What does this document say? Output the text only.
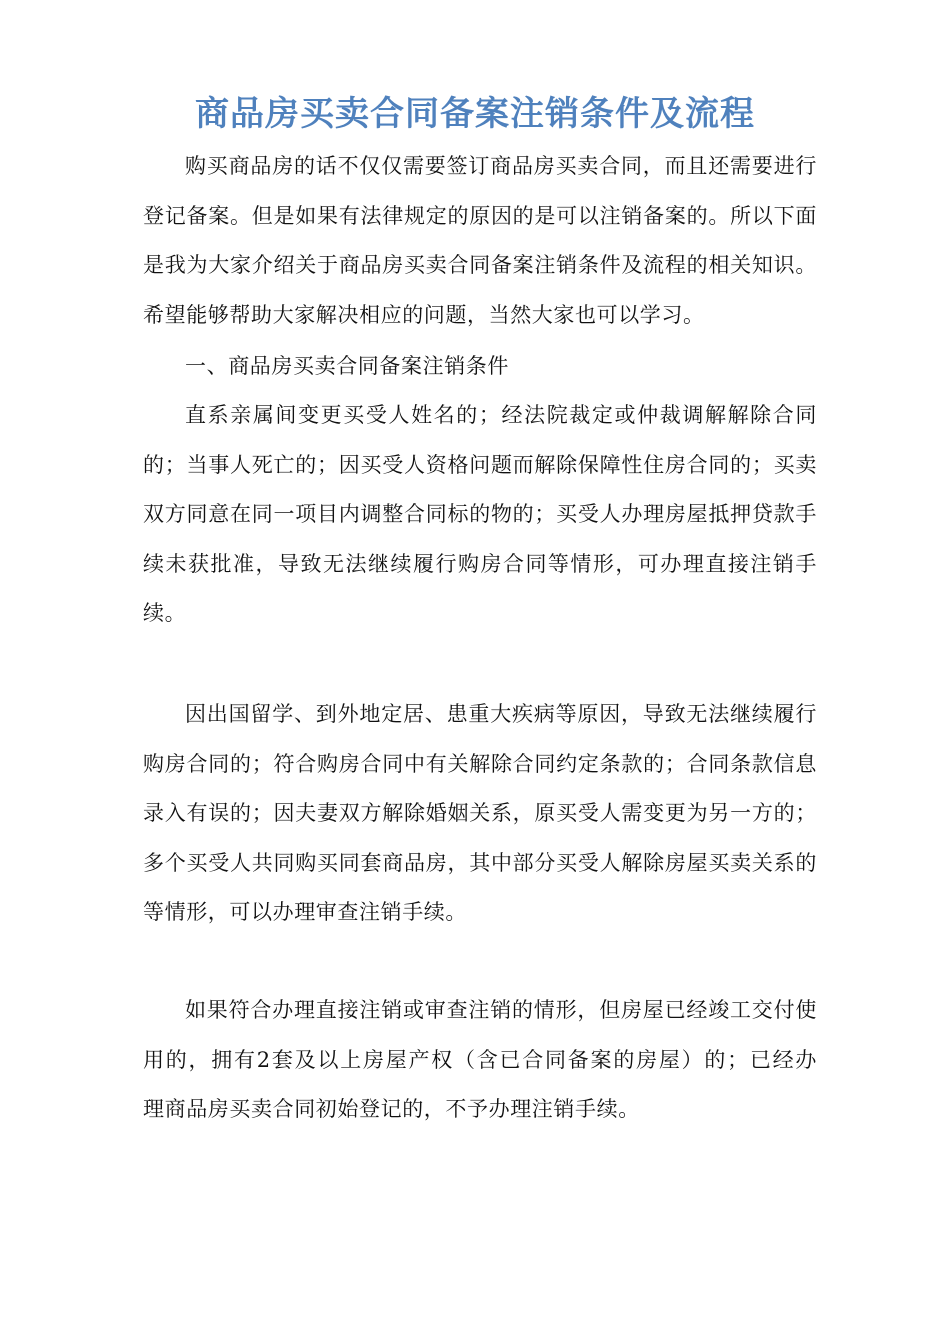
商品房买卖合同备案注销条件及流程
购买商品房的话不仅仅需要签订商品房买卖合同，而且还需要进行登记备案。但是如果有法律规定的原因的是可以注销备案的。所以下面是我为大家介绍关于商品房买卖合同备案注销条件及流程的相关知识。希望能够帮助大家解决相应的问题，当然大家也可以学习。
一、商品房买卖合同备案注销条件
直系亲属间变更买受人姓名的；经法院裁定或仲裁调解解除合同的；当事人死亡的；因买受人资格问题而解除保障性住房合同的；买卖双方同意在同一项目内调整合同标的物的；买受人办理房屋抵押贷款手续未获批准，导致无法继续履行购房合同等情形，可办理直接注销手续。
因出国留学、到外地定居、患重大疾病等原因，导致无法继续履行购房合同的；符合购房合同中有关解除合同约定条款的；合同条款信息录入有误的；因夫妻双方解除婚姻关系，原买受人需变更为另一方的；多个买受人共同购买同套商品房，其中部分买受人解除房屋买卖关系的等情形，可以办理审查注销手续。
如果符合办理直接注销或审查注销的情形，但房屋已经竣工交付使用的，拥有2套及以上房屋产权（含已合同备案的房屋）的；已经办　理商品房买卖合同初始登记的，不予办理注销手续。
